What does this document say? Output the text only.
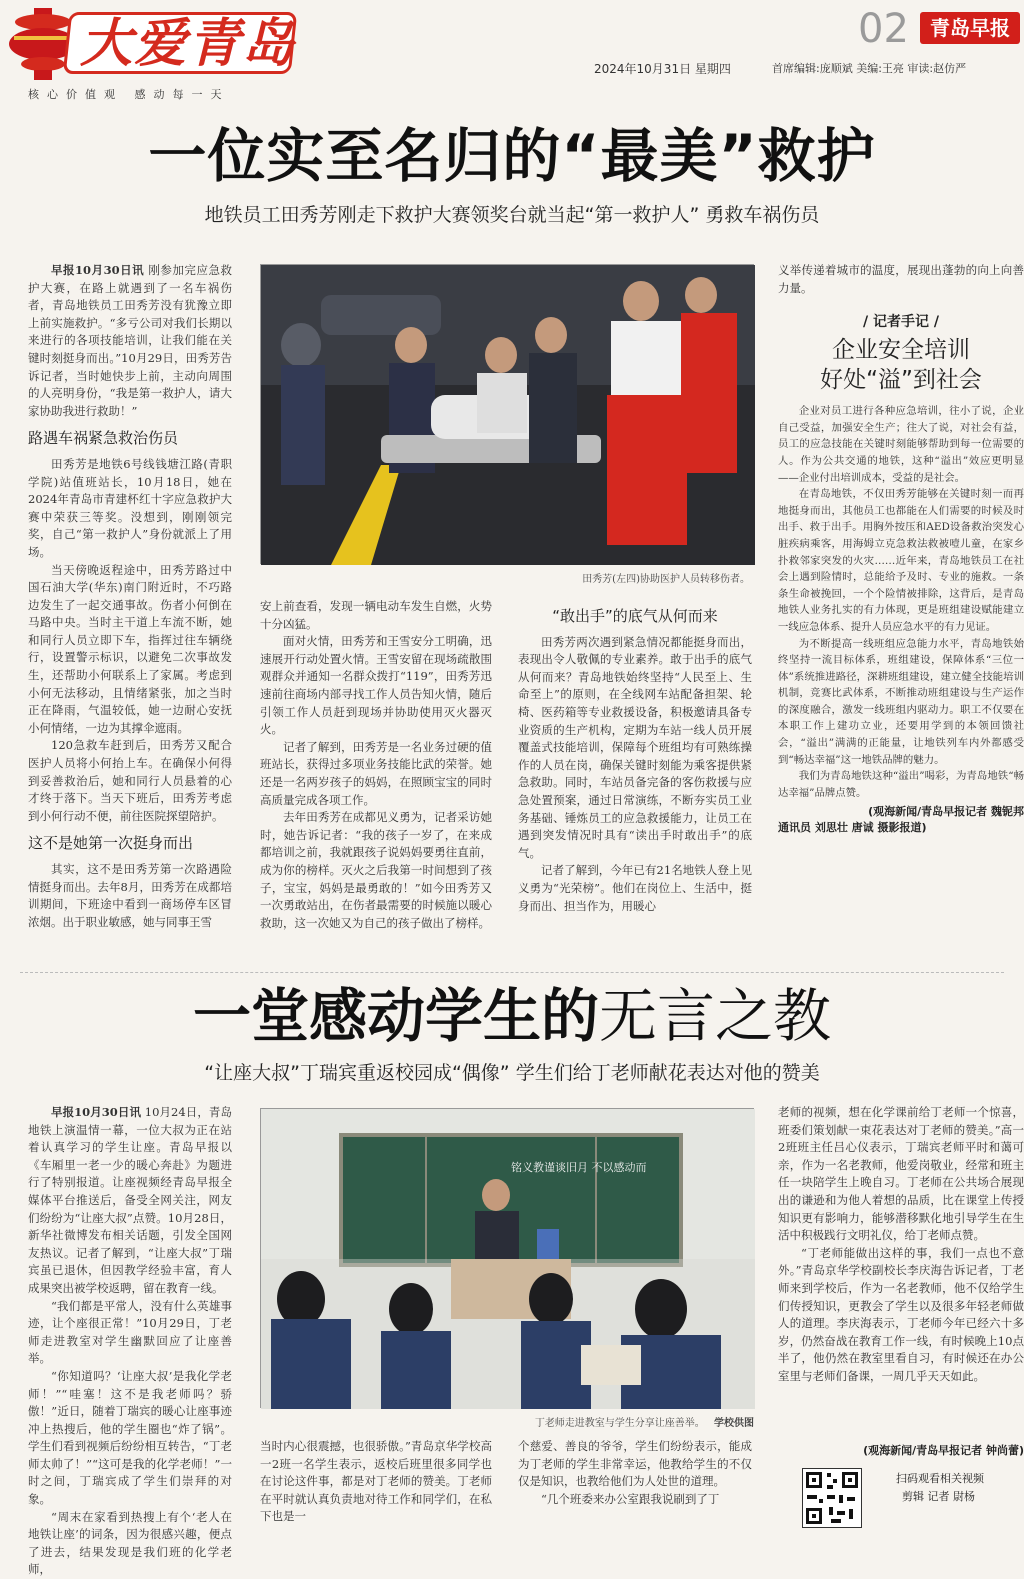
大爱青岛
核心价值观 感动每一天
02	青岛早报
2024年10月31日 星期四	首席编辑:庞顺斌 美编:王亮 审读:赵仿严
一位实至名归的“最美”救护
地铁员工田秀芳刚走下救护大赛领奖台就当起“第一救护人” 勇救车祸伤员

早报10月30日讯 刚参加完应急救护大赛，在路上就遇到了一名车祸伤者，青岛地铁员工田秀芳没有犹豫立即上前实施救护。“多亏公司对我们长期以来进行的各项技能培训，让我们能在关键时刻挺身而出。”10月29日，田秀芳告诉记者，当时她快步上前，主动向周围的人亮明身份，“我是第一救护人，请大家协助我进行救助！”

路遇车祸紧急救治伤员

田秀芳是地铁6号线钱塘江路(青职学院)站值班站长，10月18日，她在2024年青岛市青建杯红十字应急救护大赛中荣获三等奖。没想到，刚刚领完奖，自己“第一救护人”身份就派上了用场。

当天傍晚返程途中，田秀芳路过中国石油大学(华东)南门附近时，不巧路边发生了一起交通事故。伤者小何倒在马路中央。当时主干道上车流不断，她和同行人员立即下车，指挥过往车辆绕行，设置警示标识，以避免二次事故发生，还帮助小何联系上了家属。考虑到小何无法移动，且情绪紧张，加之当时正在降雨，气温较低，她一边耐心安抚小何情绪，一边为其撑伞遮雨。

120急救车赶到后，田秀芳又配合医护人员将小何抬上车。在确保小何得到妥善救治后，她和同行人员悬着的心才终于落下。当天下班后，田秀芳考虑到小何行动不便，前往医院探望陪护。

这不是她第一次挺身而出

其实，这不是田秀芳第一次路遇险情挺身而出。去年8月，田秀芳在成都培训期间，下班途中看到一商场停车区冒浓烟。出于职业敏感，她与同事王雪

田秀芳(左四)协助医护人员转移伤者。

安上前查看，发现一辆电动车发生自燃，火势十分凶猛。

面对火情，田秀芳和王雪安分工明确，迅速展开行动处置火情。王雪安留在现场疏散围观群众并通知一名群众拨打“119”，田秀芳迅速前往商场内部寻找工作人员告知火情，随后引领工作人员赶到现场并协助使用灭火器灭火。

记者了解到，田秀芳是一名业务过硬的值班站长，获得过多项业务技能比武的荣誉。她还是一名两岁孩子的妈妈，在照顾宝宝的同时高质量完成各项工作。

去年田秀芳在成都见义勇为，记者采访她时，她告诉记者：“我的孩子一岁了，在来成都培训之前，我就跟孩子说妈妈要勇往直前，成为你的榜样。灭火之后我第一时间想到了孩子，宝宝，妈妈是最勇敢的！”如今田秀芳又一次勇敢站出，在伤者最需要的时候施以暖心救助，这一次她又为自己的孩子做出了榜样。

“敢出手”的底气从何而来

田秀芳两次遇到紧急情况都能挺身而出，表现出令人敬佩的专业素养。敢于出手的底气从何而来？青岛地铁始终坚持“人民至上、生命至上”的原则，在全线网车站配备担架、轮椅、医药箱等专业救援设备，积极邀请具备专业资质的生产机构，定期为车站一线人员开展覆盖式技能培训，保障每个班组均有可熟练操作的人员在岗，确保关键时刻能为乘客提供紧急救助。同时，车站员备完备的客伤救援与应急处置预案，通过日常演练，不断夯实员工业务基础、锤炼员工的应急救援能力，让员工在遇到突发情况时具有“读出手时敢出手”的底气。

记者了解到，今年已有21名地铁人登上见义勇为“光荣榜”。他们在岗位上、生活中，挺身而出、担当作为，用暖心

义举传递着城市的温度，展现出蓬勃的向上向善力量。

/ 记者手记 /
企业安全培训
好处“溢”到社会

企业对员工进行各种应急培训，往小了说，企业自己受益，加强安全生产；往大了说，对社会有益，员工的应急技能在关键时刻能够帮助到每一位需要的人。作为公共交通的地铁，这种“溢出”效应更明显——企业付出培训成本，受益的是社会。

在青岛地铁，不仅田秀芳能够在关键时刻一而再地挺身而出，其他员工也都能在人们需要的时候及时出手、救于出手。用胸外按压和AED设备救治突发心脏疾病乘客，用海姆立克急救法救被噎儿童，在家乡扑救邻家突发的火灾……近年来，青岛地铁员工在社会上遇到险情时，总能给予及时、专业的施救。一条条生命被挽回，一个个险情被排除，这背后，是青岛地铁人业务扎实的有力体现，更是班组建设赋能建立一线应急体系、提升人员应急水平的有力见证。

为不断提高一线班组应急能力水平，青岛地铁始终坚持一流目标体系，班组建设，保障体系“三位一体”系统推进路径，深耕班组建设，建立健全技能培训机制，竞赛比武体系，不断推动班组建设与生产运作的深度融合，激发一线班组内驱动力。职工不仅要在本职工作上建功立业，还要用学到的本领回馈社会，“溢出”满满的正能量，让地铁列车内外都感受到“畅达幸福”这一地铁品牌的魅力。

我们为青岛地铁这种“溢出”喝彩，为青岛地铁“畅达幸福”品牌点赞。

(观海新闻/青岛早报记者 魏铌邦
通讯员 刘思壮 唐诚 摄影报道)
一堂感动学生的无言之教
“让座大叔”丁瑞宾重返校园成“偶像” 学生们给丁老师献花表达对他的赞美

早报10月30日讯 10月24日，青岛地铁上演温情一幕，一位大叔为正在站着认真学习的学生让座。青岛早报以《车厢里一老一少的暖心奔赴》为题进行了特别报道。让座视频经青岛早报全媒体平台推送后，备受全网关注，网友们纷纷为“让座大叔”点赞。10月28日，新华社微博发布相关话题，引发全国网友热议。记者了解到，“让座大叔”丁瑞宾虽已退休，但因教学经验丰富，育人成果突出被学校返聘，留在教育一线。

“我们都是平常人，没有什么英雄事迹，让个座很正常！”10月29日，丁老师走进教室对学生幽默回应了让座善举。

“你知道吗？‘让座大叔’是我化学老师！”“哇塞！这不是我老师吗？骄傲！”近日，随着丁瑞宾的暖心让座事迹冲上热搜后，他的学生圈也“炸了锅”。学生们看到视频后纷纷相互转告，“丁老师太帅了！”“这可是我的化学老师！”一时之间，丁瑞宾成了学生们崇拜的对象。

“周末在家看到热搜上有个‘老人在地铁让座’的词条，因为很感兴趣，便点了进去，结果发现是我们班的化学老师，

铭义教谨谈旧月 不以感动而
丁老师走进教室与学生分享让座善举。 学校供图

当时内心很震撼，也很骄傲。”青岛京华学校高一2班一名学生表示，返校后班里很多同学也在讨论这件事，都是对丁老师的赞美。丁老师在平时就认真负责地对待工作和同学们，在私下也是一

个慈爱、善良的爷爷，学生们纷纷表示，能成为丁老师的学生非常幸运，他教给学生的不仅仅是知识，也教给他们为人处世的道理。

“几个班委来办公室跟我说刷到了丁

老师的视频，想在化学课前给丁老师一个惊喜，班委们策划献一束花表达对丁老师的赞美。”高一2班班主任吕心仪表示，丁瑞宾老师平时和蔼可亲，作为一名老教师，他爱岗敬业，经常和班主任一块陪学生上晚自习。丁老师在公共场合展现出的谦逊和为他人着想的品质，比在课堂上传授知识更有影响力，能够潜移默化地引导学生在生活中积极践行文明礼仪，给丁老师点赞。

“丁老师能做出这样的事，我们一点也不意外。”青岛京华学校副校长李庆海告诉记者，丁老师来到学校后，作为一名老教师，他不仅给学生们传授知识，更教会了学生以及很多年轻老师做人的道理。李庆海表示，丁老师今年已经六十多岁，仍然奋战在教育工作一线，有时候晚上10点半了，他仍然在教室里看自习，有时候还在办公室里与老师们备课，一周几乎天天如此。

(观海新闻/青岛早报记者 钟尚蕾)
扫码观看相关视频
剪辑 记者 尉杨
